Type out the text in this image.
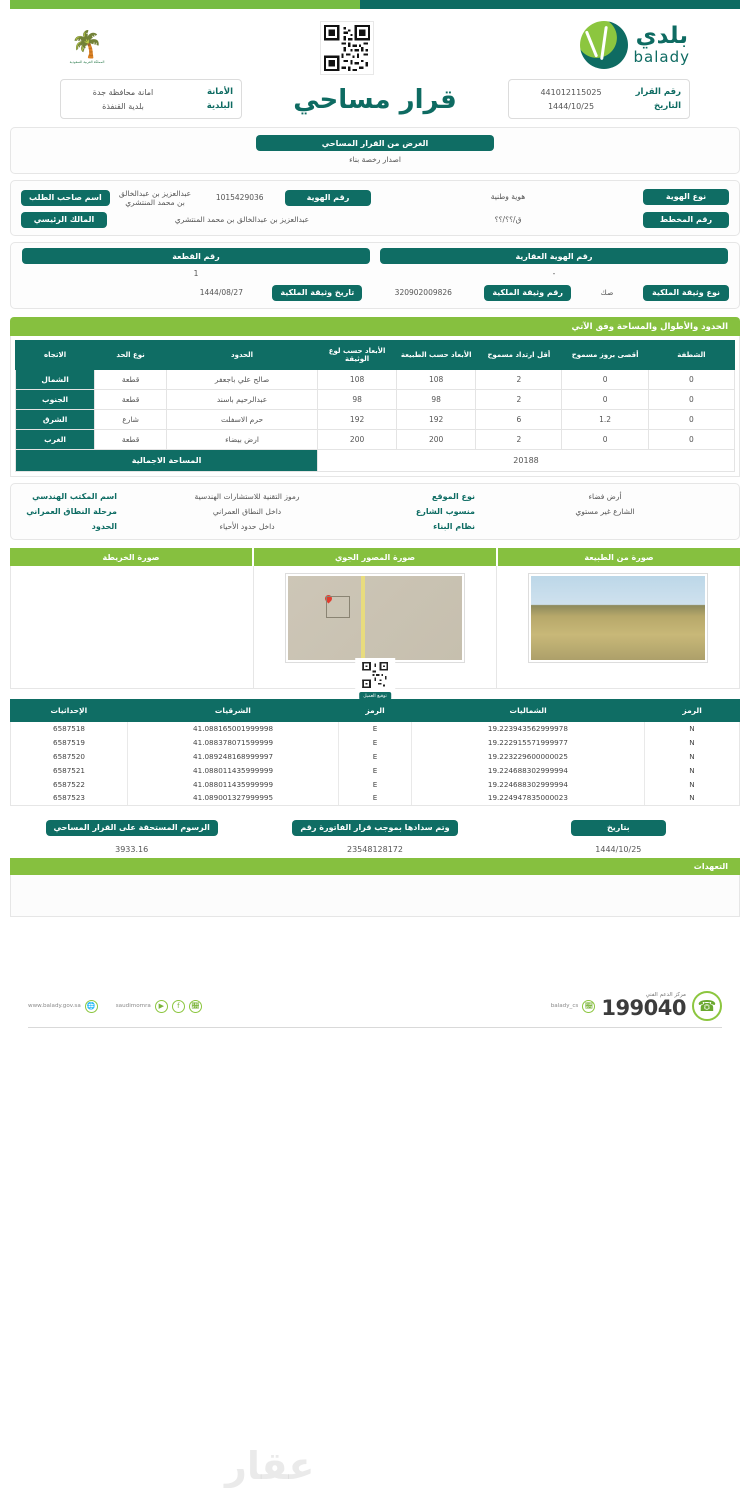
بلدي
balady
🌴
المملكة العربية السعودية
رقم القرار
441012115025
التاريخ
1444/10/25
قرار مساحي
الأمانة
امانة محافظة جدة
البلدية
بلدية القنفذة
الغرض من القرار المساحي
اصدار رخصة بناء
نوع الهوية
هوية وطنية
رقم الهوية
1015429036
عبدالعزيز بن عبدالخالق بن محمد المنتشري
اسم صاحب الطلب
رقم المخطط
ق/؟؟/؟؟
عبدالعزيز بن عبدالخالق بن محمد المنتشري
المالك الرئيسي
رقم الهوية العقارية
-
رقم القطعة
1
نوع وثيقة الملكية
صك
رقم وثيقة الملكية
320902009826
تاريخ وثيقة الملكية
1444/08/27
الحدود والأطوال والمساحة وفق الآتي
الشطفة	أقصى بروز مسموح	أقل ارتداد مسموح	الأبعاد حسب الطبيعة	الأبعاد حسب لوع الوثيقة	الحدود	نوع الحد	الاتجاه
0	0	2	108	108	صالح علي باجعفر	قطعة	الشمال
0	0	2	98	98	عبدالرحيم باسند	قطعة	الجنوب
0	1.2	6	192	192	حرم الاسفلت	شارع	الشرق
0	0	2	200	200	ارض بيضاء	قطعة	الغرب
20188					المساحة الاجمالية		
أرض فضاء
نوع الموقع
الشارع غير مستوي
منسوب الشارع
نظام البناء
رموز التقنية للاستشارات الهندسية
اسم المكتب الهندسي
داخل النطاق العمراني
مرحلة النطاق العمراني
داخل حدود الأحياء
الحدود
صورة من الطبيعة
صورة المصور الجوي
صورة الخريطة
توقيع العميل
عقار
الرمز	الشماليات	الرمز	الشرقيات	الإحداثيات
N	19.223943562999978	E	41.088165001999998	6587518
N	19.222915571999977	E	41.088378071599999	6587519
N	19.223229600000025	E	41.089248168999997	6587520
N	19.224688302999994	E	41.088011435999999	6587521
N	19.224688302999994	E	41.088011435999999	6587522
N	19.224947835000023	E	41.089001327999995	6587523
بتاريخ
1444/10/25
وتم سدادها بموجب قرار الفاتورة رقم
23548128172
الرسوم المستحقة على القرار المساحي
3933.16
التعهدات
☎
مركز الدعم الفني
199040
𝉹
balady_cs
𝉹
f
▶
saudimomra
🌐
www.balady.gov.sa
